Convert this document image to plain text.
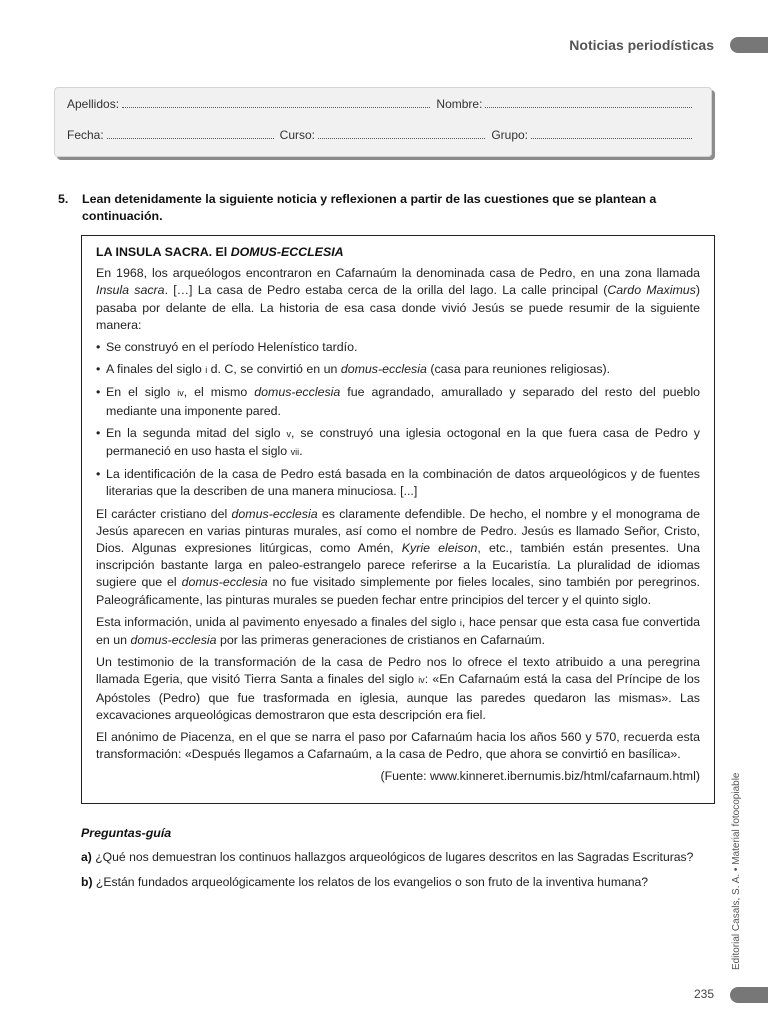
Noticias periodísticas
Apellidos:	Nombre:
Fecha:	Curso:	Grupo:
5.	Lean detenidamente la siguiente noticia y reflexionen a partir de las cuestiones que se plantean a continuación.
LA INSULA SACRA. El DOMUS-ECCLESIA

En 1968, los arqueólogos encontraron en Cafarnaúm la denominada casa de Pedro, en una zona llamada Insula sacra. […] La casa de Pedro estaba cerca de la orilla del lago. La calle principal (Cardo Maximus) pasaba por delante de ella. La historia de esa casa donde vivió Jesús se puede resumir de la siguiente manera:

• Se construyó en el período Helenístico tardío.
• A finales del siglo i d. C, se convirtió en un domus-ecclesia (casa para reuniones religiosas).
• En el siglo iv, el mismo domus-ecclesia fue agrandado, amurallado y separado del resto del pueblo mediante una imponente pared.
• En la segunda mitad del siglo v, se construyó una iglesia octogonal en la que fuera casa de Pedro y permaneció en uso hasta el siglo vii.
• La identificación de la casa de Pedro está basada en la combinación de datos arqueológicos y de fuentes literarias que la describen de una manera minuciosa. [...]

El carácter cristiano del domus-ecclesia es claramente defendible. De hecho, el nombre y el monograma de Jesús aparecen en varias pinturas murales, así como el nombre de Pedro. Jesús es llamado Señor, Cristo, Dios. Algunas expresiones litúrgicas, como Amén, Kyrie eleison, etc., también están presentes. Una inscripción bastante larga en paleo-estrangelo parece referirse a la Eucaristía. La pluralidad de idiomas sugiere que el domus-ecclesia no fue visitado simplemente por fieles locales, sino también por peregrinos. Paleográficamente, las pinturas murales se pueden fechar entre principios del tercer y el quinto siglo.

Esta información, unida al pavimento enyesado a finales del siglo i, hace pensar que esta casa fue convertida en un domus-ecclesia por las primeras generaciones de cristianos en Cafarnaúm.

Un testimonio de la transformación de la casa de Pedro nos lo ofrece el texto atribuido a una peregrina llamada Egeria, que visitó Tierra Santa a finales del siglo iv: «En Cafarnaúm está la casa del Príncipe de los Apóstoles (Pedro) que fue trasformada en iglesia, aunque las paredes quedaron las mismas». Las excavaciones arqueológicas demostraron que esta descripción era fiel.

El anónimo de Piacenza, en el que se narra el paso por Cafarnaúm hacia los años 560 y 570, recuerda esta transformación: «Después llegamos a Cafarnaúm, a la casa de Pedro, que ahora se convirtió en basílica».

(Fuente: www.kinneret.ibernumis.biz/html/cafarnaum.html)

Preguntas-guía
a) ¿Qué nos demuestran los continuos hallazgos arqueológicos de lugares descritos en las Sagradas Escrituras?
b) ¿Están fundados arqueológicamente los relatos de los evangelios o son fruto de la inventiva humana?	Editorial Casals, S. A. • Material fotocopiable
235
